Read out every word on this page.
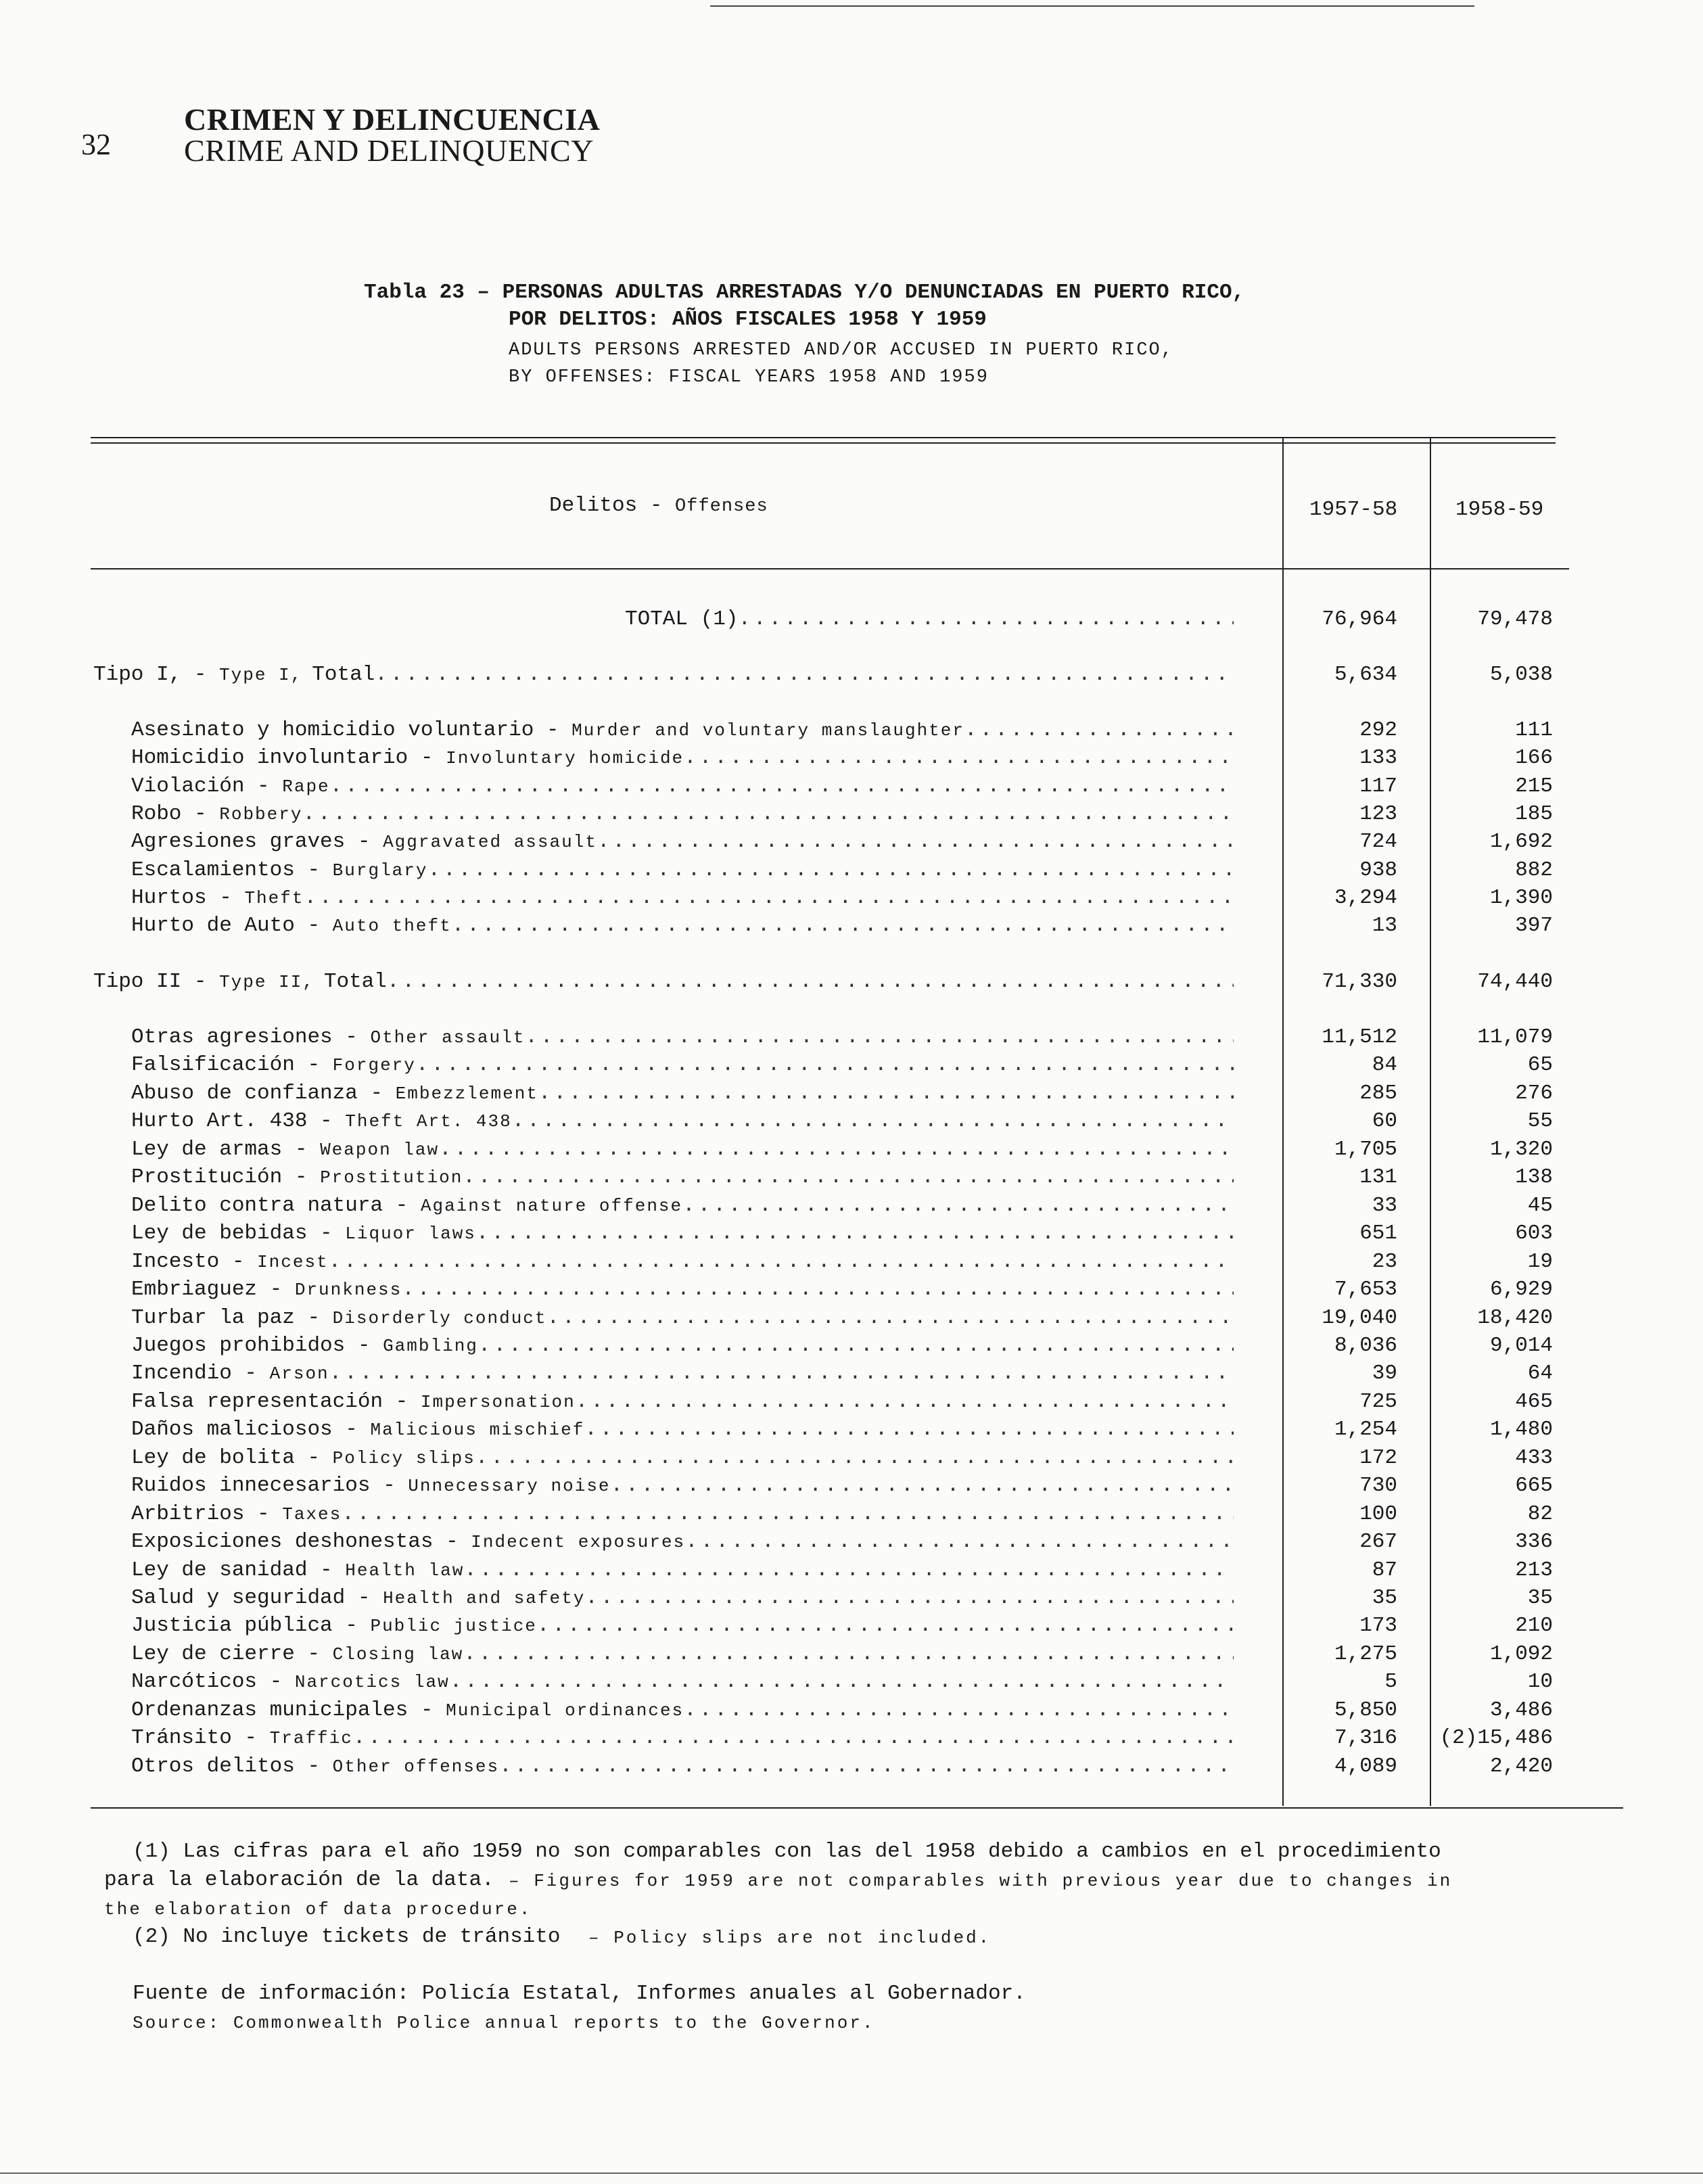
32
CRIMEN Y DELINCUENCIA
CRIME AND DELINQUENCY
Tabla 23 – PERSONAS ADULTAS ARRESTADAS Y/O DENUNCIADAS EN PUERTO RICO,
POR DELITOS: AÑOS FISCALES 1958 Y 1959
ADULTS PERSONS ARRESTED AND/OR ACCUSED IN PUERTO RICO,
BY OFFENSES: FISCAL YEARS 1958 AND 1959
Delitos - Offenses	1957-58	1958-59
TOTAL (1) .....	76,964	79,478
Tipo I, - Type I, Total .....	5,634	5,038
Asesinato y homicidio voluntario - Murder and voluntary manslaughter .....	292	111
Homicidio involuntario - Involuntary homicide .....	133	166
Violación - Rape .....	117	215
Robo - Robbery .....	123	185
Agresiones graves - Aggravated assault .....	724	1,692
Escalamientos - Burglary .....	938	882
Hurtos - Theft .....	3,294	1,390
Hurto de Auto - Auto theft .....	13	397
Tipo II - Type II, Total .....	71,330	74,440
Otras agresiones - Other assault .....	11,512	11,079
Falsificación - Forgery .....	84	65
Abuso de confianza - Embezzlement .....	285	276
Hurto Art. 438 - Theft Art. 438 .....	60	55
Ley de armas - Weapon law .....	1,705	1,320
Prostitución - Prostitution .....	131	138
Delito contra natura - Against nature offense .....	33	45
Ley de bebidas - Liquor laws .....	651	603
Incesto - Incest .....	23	19
Embriaguez - Drunkness .....	7,653	6,929
Turbar la paz - Disorderly conduct .....	19,040	18,420
Juegos prohibidos - Gambling .....	8,036	9,014
Incendio - Arson .....	39	64
Falsa representación - Impersonation .....	725	465
Daños maliciosos - Malicious mischief .....	1,254	1,480
Ley de bolita - Policy slips .....	172	433
Ruidos innecesarios - Unnecessary noise .....	730	665
Arbitrios - Taxes .....	100	82
Exposiciones deshonestas - Indecent exposures .....	267	336
Ley de sanidad - Health law .....	87	213
Salud y seguridad - Health and safety .....	35	35
Justicia pública - Public justice .....	173	210
Ley de cierre - Closing law .....	1,275	1,092
Narcóticos - Narcotics law .....	5	10
Ordenanzas municipales - Municipal ordinances .....	5,850	3,486
Tránsito - Traffic .....	7,316 (2)15,486
Otros delitos - Other offenses .....	4,089	2,420
(1) Las cifras para el año 1959 no son comparables con las del 1958 debido a cambios en el procedimiento
para la elaboración de la data. – Figures for 1959 are not comparables with previous year due to changes in
the elaboration of data procedure.
(2) No incluye tickets de tránsito – Policy slips are not included.
Fuente de información: Policía Estatal, Informes anuales al Gobernador.
Source: Commonwealth Police annual reports to the Governor.
